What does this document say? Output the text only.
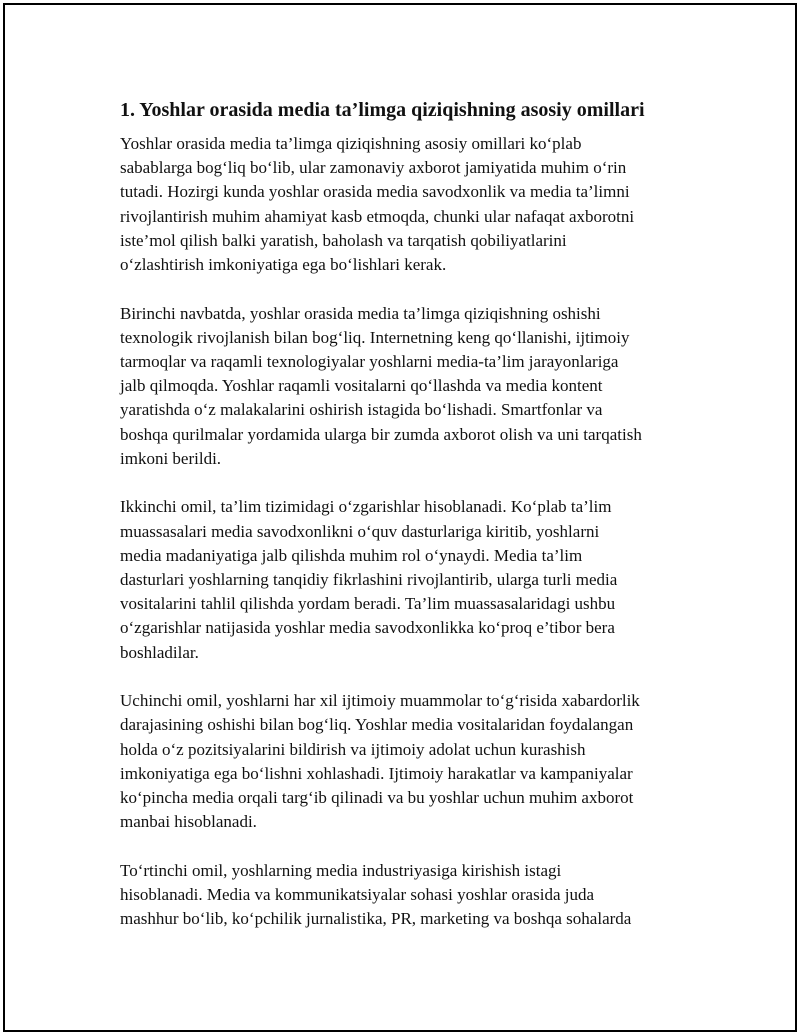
1. Yoshlar orasida media ta’limga qiziqishning asosiy omillari
Yoshlar orasida media ta’limga qiziqishning asosiy omillari ko‘plab
sabablarga bog‘liq bo‘lib, ular zamonaviy axborot jamiyatida muhim o‘rin
tutadi. Hozirgi kunda yoshlar orasida media savodxonlik va media ta’limni
rivojlantirish muhim ahamiyat kasb etmoqda, chunki ular nafaqat axborotni
iste’mol qilish balki yaratish, baholash va tarqatish qobiliyatlarini
o‘zlashtirish imkoniyatiga ega bo‘lishlari kerak.
Birinchi navbatda, yoshlar orasida media ta’limga qiziqishning oshishi
texnologik rivojlanish bilan bog‘liq. Internetning keng qo‘llanishi, ijtimoiy
tarmoqlar va raqamli texnologiyalar yoshlarni media-ta’lim jarayonlariga
jalb qilmoqda. Yoshlar raqamli vositalarni qo‘llashda va media kontent
yaratishda o‘z malakalarini oshirish istagida bo‘lishadi. Smartfonlar va
boshqa qurilmalar yordamida ularga bir zumda axborot olish va uni tarqatish
imkoni berildi.
Ikkinchi omil, ta’lim tizimidagi o‘zgarishlar hisoblanadi. Ko‘plab ta’lim
muassasalari media savodxonlikni o‘quv dasturlariga kiritib, yoshlarni
media madaniyatiga jalb qilishda muhim rol o‘ynaydi. Media ta’lim
dasturlari yoshlarning tanqidiy fikrlashini rivojlantirib, ularga turli media
vositalarini tahlil qilishda yordam beradi. Ta’lim muassasalaridagi ushbu
o‘zgarishlar natijasida yoshlar media savodxonlikka ko‘proq e’tibor bera
boshladilar.
Uchinchi omil, yoshlarni har xil ijtimoiy muammolar to‘g‘risida xabardorlik
darajasining oshishi bilan bog‘liq. Yoshlar media vositalaridan foydalangan
holda o‘z pozitsiyalarini bildirish va ijtimoiy adolat uchun kurashish
imkoniyatiga ega bo‘lishni xohlashadi. Ijtimoiy harakatlar va kampaniyalar
ko‘pincha media orqali targ‘ib qilinadi va bu yoshlar uchun muhim axborot
manbai hisoblanadi.
To‘rtinchi omil, yoshlarning media industriyasiga kirishish istagi
hisoblanadi. Media va kommunikatsiyalar sohasi yoshlar orasida juda
mashhur bo‘lib, ko‘pchilik jurnalistika, PR, marketing va boshqa sohalarda
